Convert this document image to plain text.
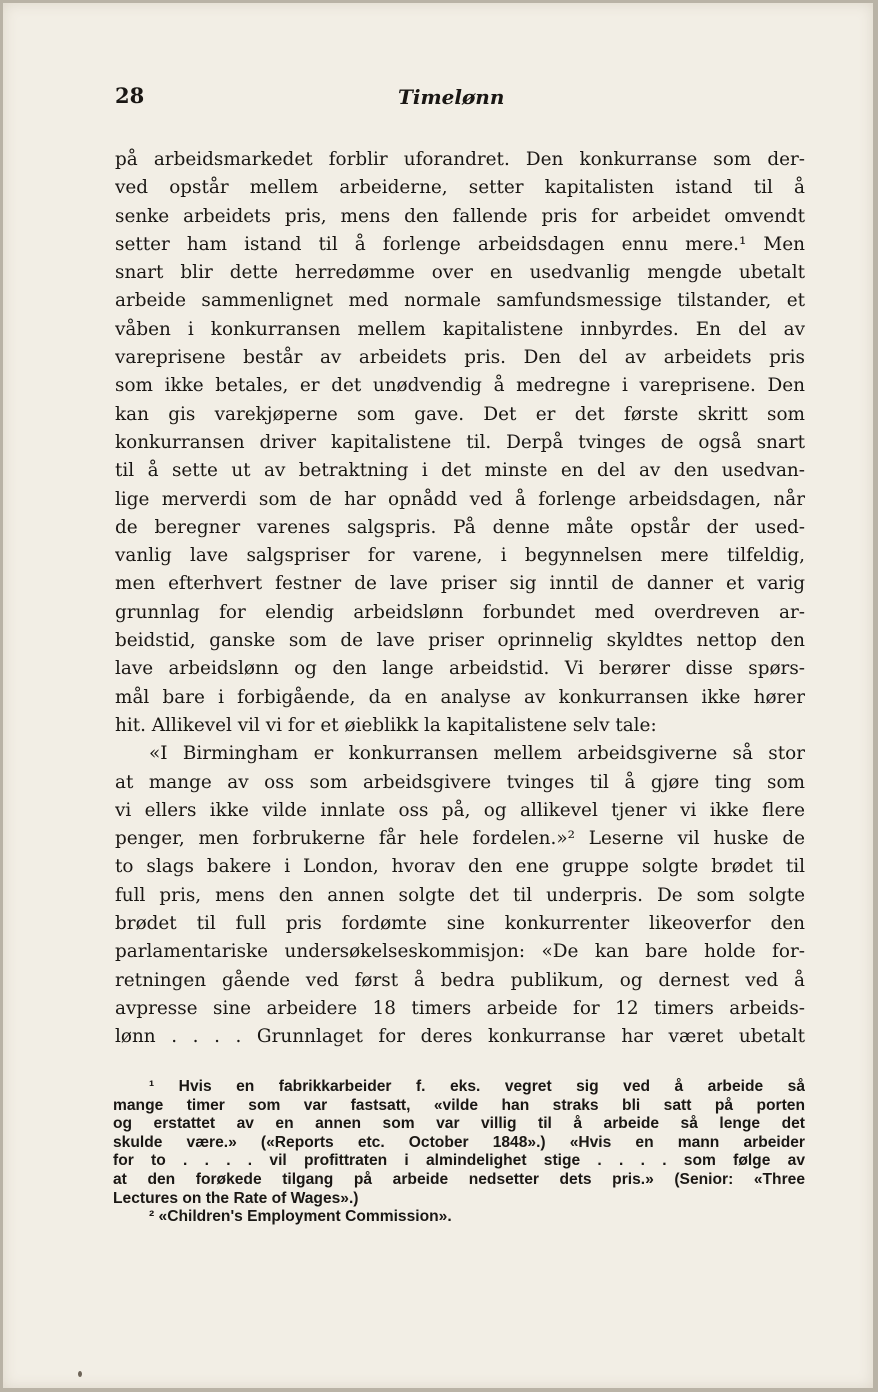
28	Timelønn
på arbeidsmarkedet forblir uforandret. Den konkurranse som der-
ved opstår mellem arbeiderne, setter kapitalisten istand til å
senke arbeidets pris, mens den fallende pris for arbeidet omvendt
setter ham istand til å forlenge arbeidsdagen ennu mere.¹ Men
snart blir dette herredømme over en usedvanlig mengde ubetalt
arbeide sammenlignet med normale samfundsmessige tilstander, et
våben i konkurransen mellem kapitalistene innbyrdes. En del av
vareprisene består av arbeidets pris. Den del av arbeidets pris
som ikke betales, er det unødvendig å medregne i vareprisene. Den
kan gis varekjøperne som gave. Det er det første skritt som
konkurransen driver kapitalistene til. Derpå tvinges de også snart
til å sette ut av betraktning i det minste en del av den usedvan-
lige merverdi som de har opnådd ved å forlenge arbeidsdagen, når
de beregner varenes salgspris. På denne måte opstår der used-
vanlig lave salgspriser for varene, i begynnelsen mere tilfeldig,
men efterhvert festner de lave priser sig inntil de danner et varig
grunnlag for elendig arbeidslønn forbundet med overdreven ar-
beidstid, ganske som de lave priser oprinnelig skyldtes nettop den
lave arbeidslønn og den lange arbeidstid. Vi berører disse spørs-
mål bare i forbigående, da en analyse av konkurransen ikke hører
hit. Allikevel vil vi for et øieblikk la kapitalistene selv tale:
«I Birmingham er konkurransen mellem arbeidsgiverne så stor
at mange av oss som arbeidsgivere tvinges til å gjøre ting som
vi ellers ikke vilde innlate oss på, og allikevel tjener vi ikke flere
penger, men forbrukerne får hele fordelen.»² Leserne vil huske de
to slags bakere i London, hvorav den ene gruppe solgte brødet til
full pris, mens den annen solgte det til underpris. De som solgte
brødet til full pris fordømte sine konkurrenter likeoverfor den
parlamentariske undersøkelseskommisjon: «De kan bare holde for-
retningen gående ved først å bedra publikum, og dernest ved å
avpresse sine arbeidere 18 timers arbeide for 12 timers arbeids-
lønn . . . . Grunnlaget for deres konkurranse har været ubetalt
¹ Hvis en fabrikkarbeider f. eks. vegret sig ved å arbeide så
mange timer som var fastsatt, «vilde han straks bli satt på porten
og erstattet av en annen som var villig til å arbeide så lenge det
skulde være.» («Reports etc. October 1848».) «Hvis en mann arbeider
for to . . . . vil profittraten i almindelighet stige . . . . som følge av
at den forøkede tilgang på arbeide nedsetter dets pris.» (Senior: «Three
Lectures on the Rate of Wages».)
² «Children's Employment Commission».
